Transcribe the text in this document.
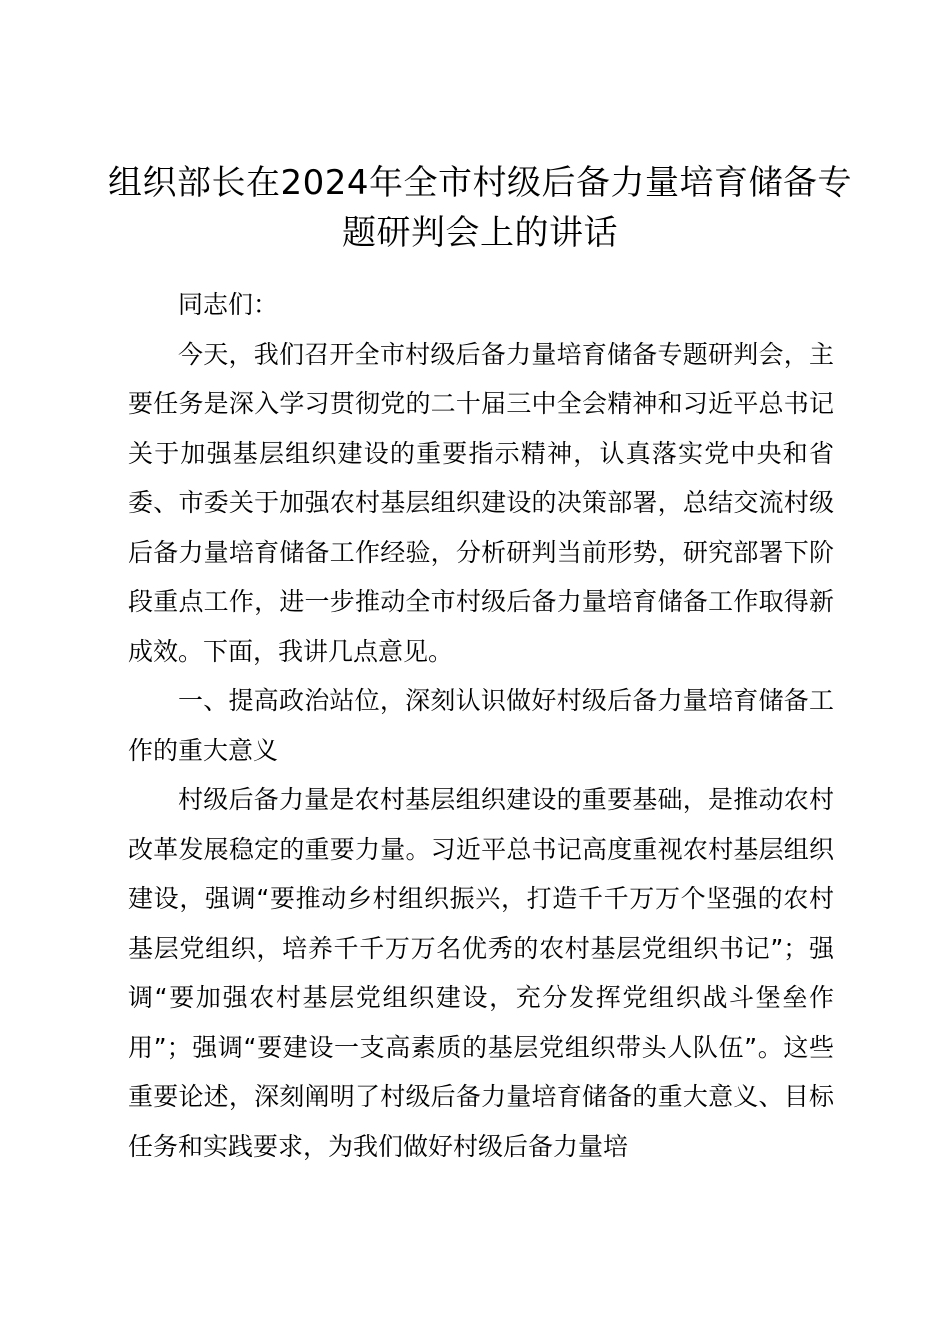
组织部长在2024年全市村级后备力量培育储备专题研判会上的讲话

同志们：

今天，我们召开全市村级后备力量培育储备专题研判会，主要任务是深入学习贯彻党的二十届三中全会精神和习近平总书记关于加强基层组织建设的重要指示精神，认真落实党中央和省委、市委关于加强农村基层组织建设的决策部署，总结交流村级后备力量培育储备工作经验，分析研判当前形势，研究部署下阶段重点工作，进一步推动全市村级后备力量培育储备工作取得新成效。下面，我讲几点意见。

一、提高政治站位，深刻认识做好村级后备力量培育储备工作的重大意义

村级后备力量是农村基层组织建设的重要基础，是推动农村改革发展稳定的重要力量。习近平总书记高度重视农村基层组织建设，强调“要推动乡村组织振兴，打造千千万万个坚强的农村基层党组织，培养千千万万名优秀的农村基层党组织书记”；强调“要加强农村基层党组织建设，充分发挥党组织战斗堡垒作用”；强调“要建设一支高素质的基层党组织带头人队伍”。这些重要论述，深刻阐明了村级后备力量培育储备的重大意义、目标任务和实践要求，为我们做好村级后备力量培
